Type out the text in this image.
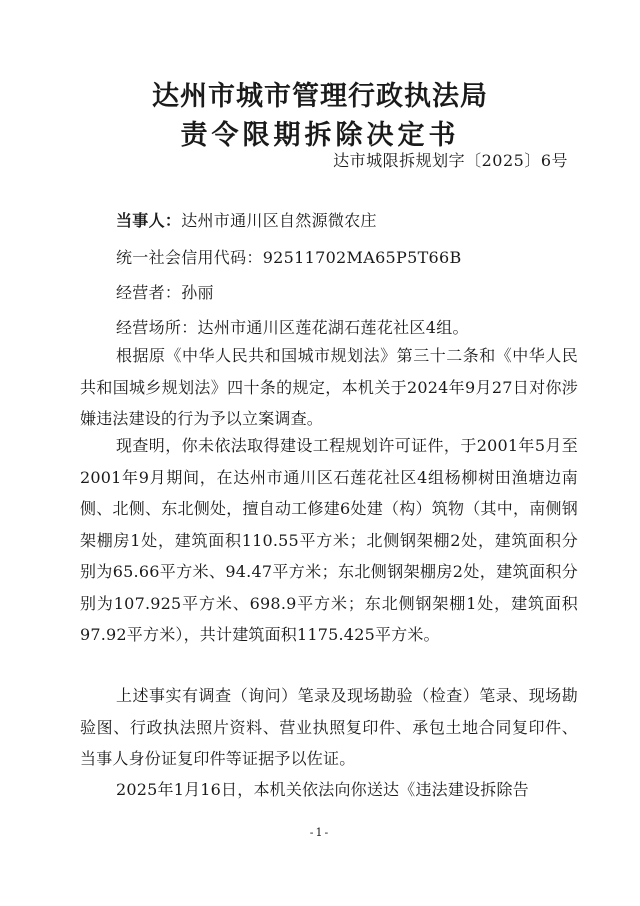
达州市城市管理行政执法局
责令限期拆除决定书
达市城限拆规划字〔2025〕6号
当事人：达州市通川区自然源微农庄
统一社会信用代码：92511702MA65P5T66B
经营者：孙丽
经营场所：达州市通川区莲花湖石莲花社区4组。
根据原《中华人民共和国城市规划法》第三十二条和《中华人民共和国城乡规划法》四十条的规定，本机关于2024年9月27日对你涉嫌违法建设的行为予以立案调查。
现查明，你未依法取得建设工程规划许可证件，于2001年5月至2001年9月期间，在达州市通川区石莲花社区4组杨柳树田渔塘边南侧、北侧、东北侧处，擅自动工修建6处建（构）筑物（其中，南侧钢架棚房1处，建筑面积110.55平方米；北侧钢架棚2处，建筑面积分别为65.66平方米、94.47平方米；东北侧钢架棚房2处，建筑面积分别为107.925平方米、698.9平方米；东北侧钢架棚1处，建筑面积97.92平方米），共计建筑面积1175.425平方米。
上述事实有调查（询问）笔录及现场勘验（检查）笔录、现场勘验图、行政执法照片资料、营业执照复印件、承包土地合同复印件、当事人身份证复印件等证据予以佐证。
2025年1月16日，本机关依法向你送达《违法建设拆除告
-1-
